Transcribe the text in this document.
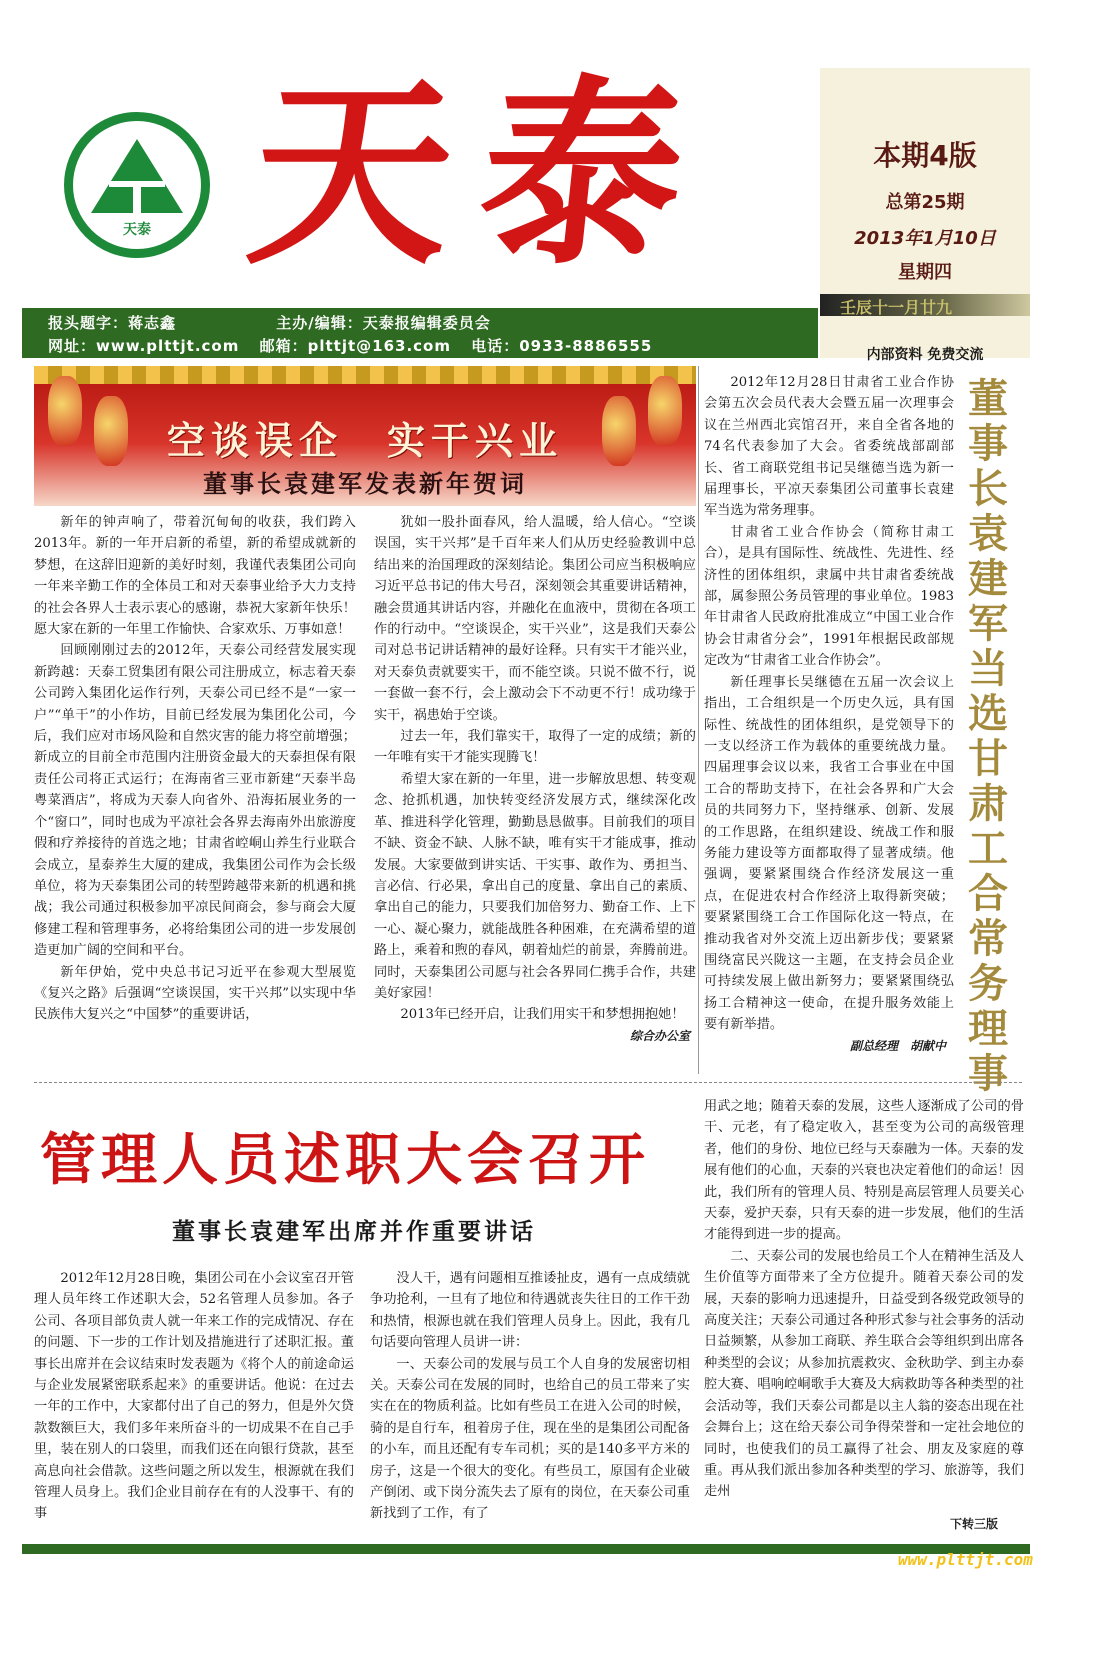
天泰 天泰	本期4版
总第25期
2013年1月10日
星期四
壬辰十一月廿九
内部资料 免费交流
报头题字：蒋志鑫	主办/编辑：天泰报编辑委员会
网址：www.plttjt.com 邮箱：plttjt@163.com 电话：0933-8886555
空谈误企　实干兴业
董事长袁建军发表新年贺词

新年的钟声响了，带着沉甸甸的收获，我们跨入2013年。新的一年开启新的希望，新的希望成就新的梦想，在这辞旧迎新的美好时刻，我谨代表集团公司向一年来辛勤工作的全体员工和对天泰事业给予大力支持的社会各界人士表示衷心的感谢，恭祝大家新年快乐！愿大家在新的一年里工作愉快、合家欢乐、万事如意！

回顾刚刚过去的2012年，天泰公司经营发展实现新跨越：天泰工贸集团有限公司注册成立，标志着天泰公司跨入集团化运作行列，天泰公司已经不是“一家一户”“单干”的小作坊，目前已经发展为集团化公司，今后，我们应对市场风险和自然灾害的能力将空前增强；新成立的目前全市范围内注册资金最大的天泰担保有限责任公司将正式运行；在海南省三亚市新建“天泰半岛粤菜酒店”，将成为天泰人向省外、沿海拓展业务的一个“窗口”，同时也成为平凉社会各界去海南外出旅游度假和疗养接待的首选之地；甘肃省崆峒山养生行业联合会成立，星泰养生大厦的建成，我集团公司作为会长级单位，将为天泰集团公司的转型跨越带来新的机遇和挑战；我公司通过积极参加平凉民间商会，参与商会大厦修建工程和管理事务，必将给集团公司的进一步发展创造更加广阔的空间和平台。

新年伊始，党中央总书记习近平在参观大型展览《复兴之路》后强调“空谈误国，实干兴邦”以实现中华民族伟大复兴之“中国梦”的重要讲话，

犹如一股扑面春风，给人温暖，给人信心。“空谈误国，实干兴邦”是千百年来人们从历史经验教训中总结出来的治国理政的深刻结论。集团公司应当积极响应习近平总书记的伟大号召，深刻领会其重要讲话精神，融会贯通其讲话内容，并融化在血液中，贯彻在各项工作的行动中。“空谈误企，实干兴业”，这是我们天泰公司对总书记讲话精神的最好诠释。只有实干才能兴业，对天泰负责就要实干，而不能空谈。只说不做不行，说一套做一套不行，会上激动会下不动更不行！成功缘于实干，祸患始于空谈。

过去一年，我们靠实干，取得了一定的成绩；新的一年唯有实干才能实现腾飞！

希望大家在新的一年里，进一步解放思想、转变观念、抢抓机遇，加快转变经济发展方式，继续深化改革、推进科学化管理，勤勤恳恳做事。目前我们的项目不缺、资金不缺、人脉不缺，唯有实干才能成事，推动发展。大家要做到讲实话、干实事、敢作为、勇担当、言必信、行必果，拿出自己的度量、拿出自己的素质、拿出自己的能力，只要我们加倍努力、勤奋工作、上下一心、凝心聚力，就能战胜各种困难，在充满希望的道路上，乘着和煦的春风，朝着灿烂的前景，奔腾前进。同时，天泰集团公司愿与社会各界同仁携手合作，共建美好家园！

2013年已经开启，让我们用实干和梦想拥抱她！

综合办公室

2012年12月28日甘肃省工业合作协会第五次会员代表大会暨五届一次理事会议在兰州西北宾馆召开，来自全省各地的74名代表参加了大会。省委统战部副部长、省工商联党组书记吴继德当选为新一届理事长，平凉天泰集团公司董事长袁建军当选为常务理事。

甘肃省工业合作协会（简称甘肃工合），是具有国际性、统战性、先进性、经济性的团体组织，隶属中共甘肃省委统战部，属参照公务员管理的事业单位。1983年甘肃省人民政府批准成立“中国工业合作协会甘肃省分会”，1991年根据民政部规定改为“甘肃省工业合作协会”。

新任理事长吴继德在五届一次会议上指出，工合组织是一个历史久远，具有国际性、统战性的团体组织，是党领导下的一支以经济工作为载体的重要统战力量。四届理事会议以来，我省工合事业在中国工合的帮助支持下，在社会各界和广大会员的共同努力下，坚持继承、创新、发展的工作思路，在组织建设、统战工作和服务能力建设等方面都取得了显著成绩。他强调，要紧紧围绕合作经济发展这一重点，在促进农村合作经济上取得新突破；要紧紧围绕工合工作国际化这一特点，在推动我省对外交流上迈出新步伐；要紧紧围绕富民兴陇这一主题，在支持会员企业可持续发展上做出新努力；要紧紧围绕弘扬工合精神这一使命，在提升服务效能上要有新举措。

副总经理　胡献中
董事长袁建军当选甘肃工合常务理事
管理人员述职大会召开
董事长袁建军出席并作重要讲话

2012年12月28日晚，集团公司在小会议室召开管理人员年终工作述职大会，52名管理人员参加。各子公司、各项目部负责人就一年来工作的完成情况、存在的问题、下一步的工作计划及措施进行了述职汇报。董事长出席并在会议结束时发表题为《将个人的前途命运与企业发展紧密联系起来》的重要讲话。他说：在过去一年的工作中，大家都付出了自己的努力，但是外欠贷款数额巨大，我们多年来所奋斗的一切成果不在自己手里，装在别人的口袋里，而我们还在向银行贷款，甚至高息向社会借款。这些问题之所以发生，根源就在我们管理人员身上。我们企业目前存在有的人没事干、有的事

没人干，遇有问题相互推诿扯皮，遇有一点成绩就争功抢利，一旦有了地位和待遇就丧失往日的工作干劲和热情，根源也就在我们管理人员身上。因此，我有几句话要向管理人员讲一讲：

一、天泰公司的发展与员工个人自身的发展密切相关。天泰公司在发展的同时，也给自己的员工带来了实实在在的物质利益。比如有些员工在进入公司的时候，骑的是自行车，租着房子住，现在坐的是集团公司配备的小车，而且还配有专车司机；买的是140多平方米的房子，这是一个很大的变化。有些员工，原国有企业破产倒闭、或下岗分流失去了原有的岗位，在天泰公司重新找到了工作，有了

用武之地；随着天泰的发展，这些人逐渐成了公司的骨干、元老，有了稳定收入，甚至变为公司的高级管理者，他们的身份、地位已经与天泰融为一体。天泰的发展有他们的心血，天泰的兴衰也决定着他们的命运！因此，我们所有的管理人员、特别是高层管理人员要关心天泰，爱护天泰，只有天泰的进一步发展，他们的生活才能得到进一步的提高。

二、天泰公司的发展也给员工个人在精神生活及人生价值等方面带来了全方位提升。随着天泰公司的发展，天泰的影响力迅速提升，日益受到各级党政领导的高度关注；天泰公司通过各种形式参与社会事务的活动日益频繁，从参加工商联、养生联合会等组织到出席各种类型的会议；从参加抗震救灾、金秋助学、到主办泰腔大赛、唱响崆峒歌手大赛及大病救助等各种类型的社会活动等，我们天泰公司都是以主人翁的姿态出现在社会舞台上；这在给天泰公司争得荣誉和一定社会地位的同时，也使我们的员工赢得了社会、朋友及家庭的尊重。再从我们派出参加各种类型的学习、旅游等，我们走州

下转三版
www.plttjt.com
